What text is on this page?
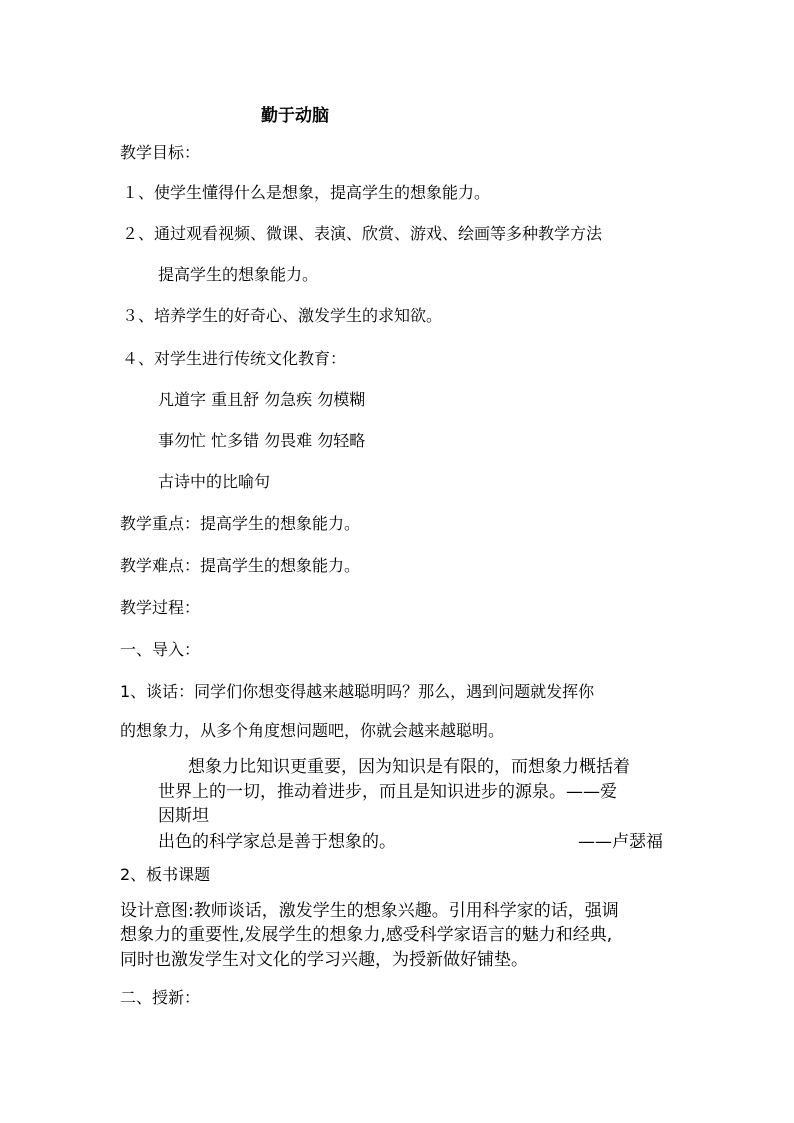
勤于动脑
教学目标：
１、使学生懂得什么是想象，提高学生的想象能力。
２、通过观看视频、微课、表演、欣赏、游戏、绘画等多种教学方法
提高学生的想象能力。
３、培养学生的好奇心、激发学生的求知欲。
４、对学生进行传统文化教育：
凡道字 重且舒 勿急疾 勿模糊
事勿忙 忙多错 勿畏难 勿轻略
古诗中的比喻句
教学重点：提高学生的想象能力。
教学难点：提高学生的想象能力。
教学过程：
一、导入：
1、谈话：同学们你想变得越来越聪明吗？那么，遇到问题就发挥你
的想象力，从多个角度想问题吧，你就会越来越聪明。
想象力比知识更重要，因为知识是有限的，而想象力概括着
世界上的一切，推动着进步，而且是知识进步的源泉。——爱
因斯坦
出色的科学家总是善于想象的。	——卢瑟福
2、板书课题
设计意图:教师谈话，激发学生的想象兴趣。引用科学家的话，强调
想象力的重要性,发展学生的想象力,感受科学家语言的魅力和经典,
同时也激发学生对文化的学习兴趣，为授新做好铺垫。
二、授新：
